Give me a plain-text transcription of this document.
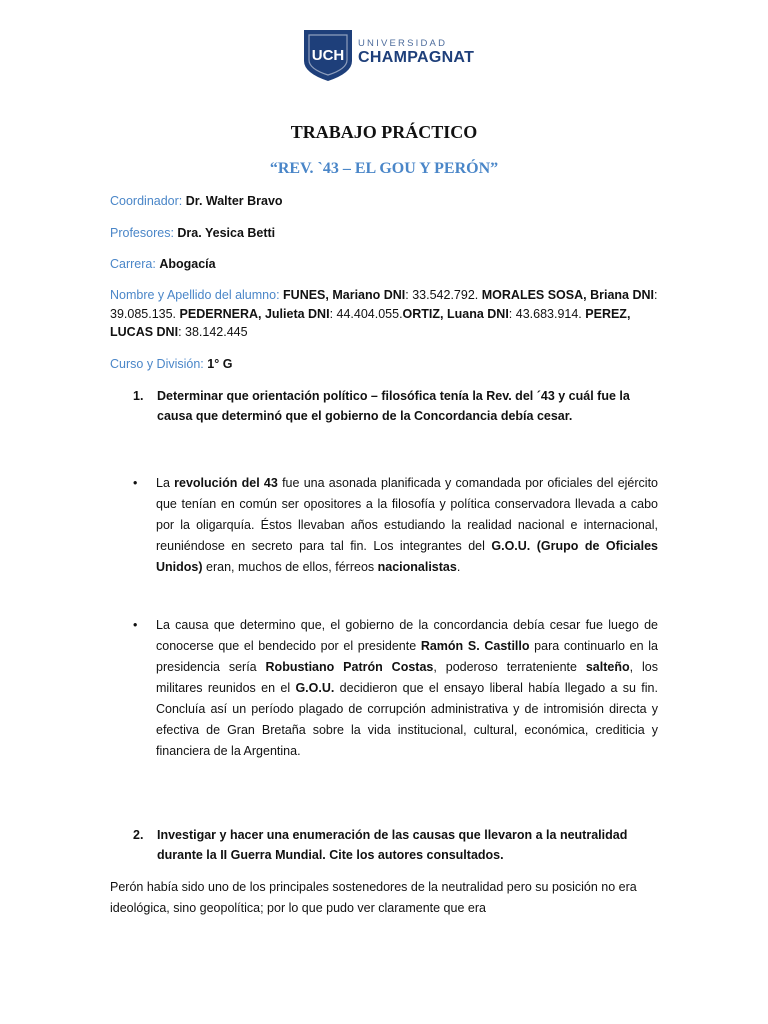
UCH
UNIVERSIDAD
CHAMPAGNAT
TRABAJO PRÁCTICO
“REV. `43 – EL GOU Y PERÓN”
Coordinador: Dr. Walter Bravo
Profesores: Dra. Yesica Betti
Carrera: Abogacía
Nombre y Apellido del alumno: FUNES, Mariano DNI: 33.542.792. MORALES SOSA, Briana DNI: 39.085.135. PEDERNERA, Julieta DNI: 44.404.055.ORTIZ, Luana DNI: 43.683.914. PEREZ, LUCAS DNI: 38.142.445
Curso y División: 1° G
1. Determinar que orientación político – filosófica tenía la Rev. del ´43 y cuál fue la causa que determinó que el gobierno de la Concordancia debía cesar.
• La revolución del 43 fue una asonada planificada y comandada por oficiales del ejército que tenían en común ser opositores a la filosofía y política conservadora llevada a cabo por la oligarquía. Éstos llevaban años estudiando la realidad nacional e internacional, reuniéndose en secreto para tal fin. Los integrantes del G.O.U. (Grupo de Oficiales Unidos) eran, muchos de ellos, férreos nacionalistas.
• La causa que determino que, el gobierno de la concordancia debía cesar fue luego de conocerse que el bendecido por el presidente Ramón S. Castillo para continuarlo en la presidencia sería Robustiano Patrón Costas, poderoso terrateniente salteño, los militares reunidos en el G.O.U. decidieron que el ensayo liberal había llegado a su fin. Concluía así un período plagado de corrupción administrativa y de intromisión directa y efectiva de Gran Bretaña sobre la vida institucional, cultural, económica, crediticia y financiera de la Argentina.
2. Investigar y hacer una enumeración de las causas que llevaron a la neutralidad durante la II Guerra Mundial. Cite los autores consultados.
Perón había sido uno de los principales sostenedores de la neutralidad pero su posición no era ideológica, sino geopolítica; por lo que pudo ver claramente que era
